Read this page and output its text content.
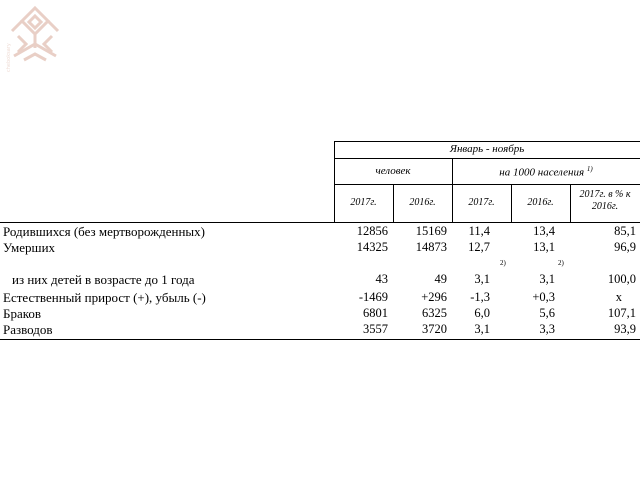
cheboksary
Январь - ноябрь
человек	на 1000 населения $^{1)}$
2017г.	2016г.	2017г.	2016г.
2017г. в % к
2016г.
Родившихся (без мертворожденных)	12856	15169	11,4	13,4	85,1
Умерших	14325	14873	12,7	13,1	96,9
2)	2)
из них детей в возрасте до 1 года	43	49	3,1	3,1	100,0
Естественный прирост (+), убыль (-)	-1469	+296	-1,3	+0,3	x
Браков	6801	6325	6,0	5,6	107,1
Разводов	3557	3720	3,1	3,3	93,9
